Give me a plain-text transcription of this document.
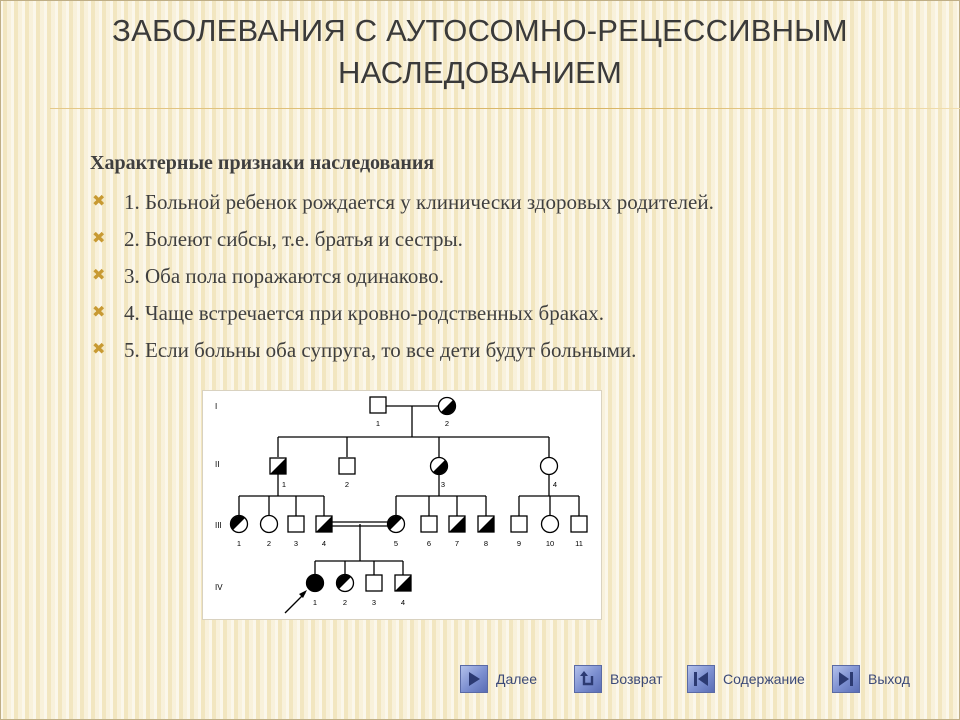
ЗАБОЛЕВАНИЯ С АУТОСОМНО-РЕЦЕССИВНЫМ
НАСЛЕДОВАНИЕМ
Характерные признаки наследования
✖ 1. Больной ребенок рождается у клинически здоровых родителей.
✖ 2. Болеют сибсы, т.е. братья и сестры.
✖ 3. Оба пола поражаются одинаково.
✖ 4. Чаще встречается при кровно-родственных браках.
✖ 5. Если больны оба супруга, то все дети будут больными.
I
II
III
IV
1	2
1	2	3	4
1	2	3	4	5	6	7	8	9	10	11
1	2	3	4
Далее	Возврат	Содержание	Выход
